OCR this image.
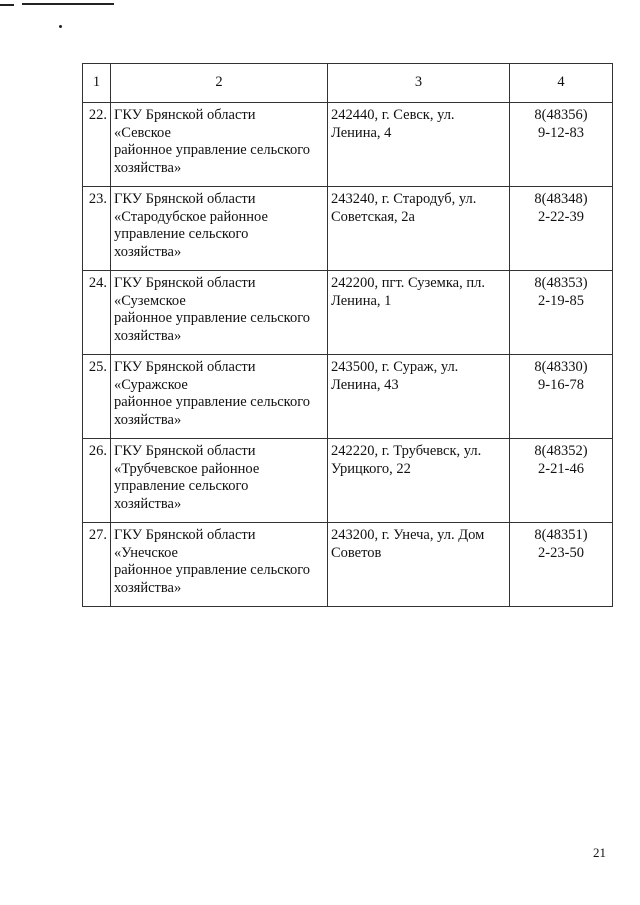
1	2	3	4
22.	ГКУ Брянской области
«Севское
районное управление сельского
хозяйства»	242440, г. Севск, ул.
Ленина, 4	8(48356)
9-12-83

23.	ГКУ Брянской области
«Стародубское районное
управление сельского
хозяйства»	243240, г. Стародуб, ул.
Советская, 2а	8(48348)
2-22-39

24.	ГКУ Брянской области
«Суземское
районное управление сельского
хозяйства»	242200, пгт. Суземка, пл.
Ленина, 1	8(48353)
2-19-85

25.	ГКУ Брянской области
«Суражское
районное управление сельского
хозяйства»	243500, г. Сураж, ул.
Ленина, 43	8(48330)
9-16-78

26.	ГКУ Брянской области
«Трубчевское районное
управление сельского
хозяйства»	242220, г. Трубчевск, ул.
Урицкого, 22	8(48352)
2-21-46

27.	ГКУ Брянской области
«Унечское
районное управление сельского
хозяйства»	243200, г. Унеча, ул. Дом
Советов	8(48351)
2-23-50
21
